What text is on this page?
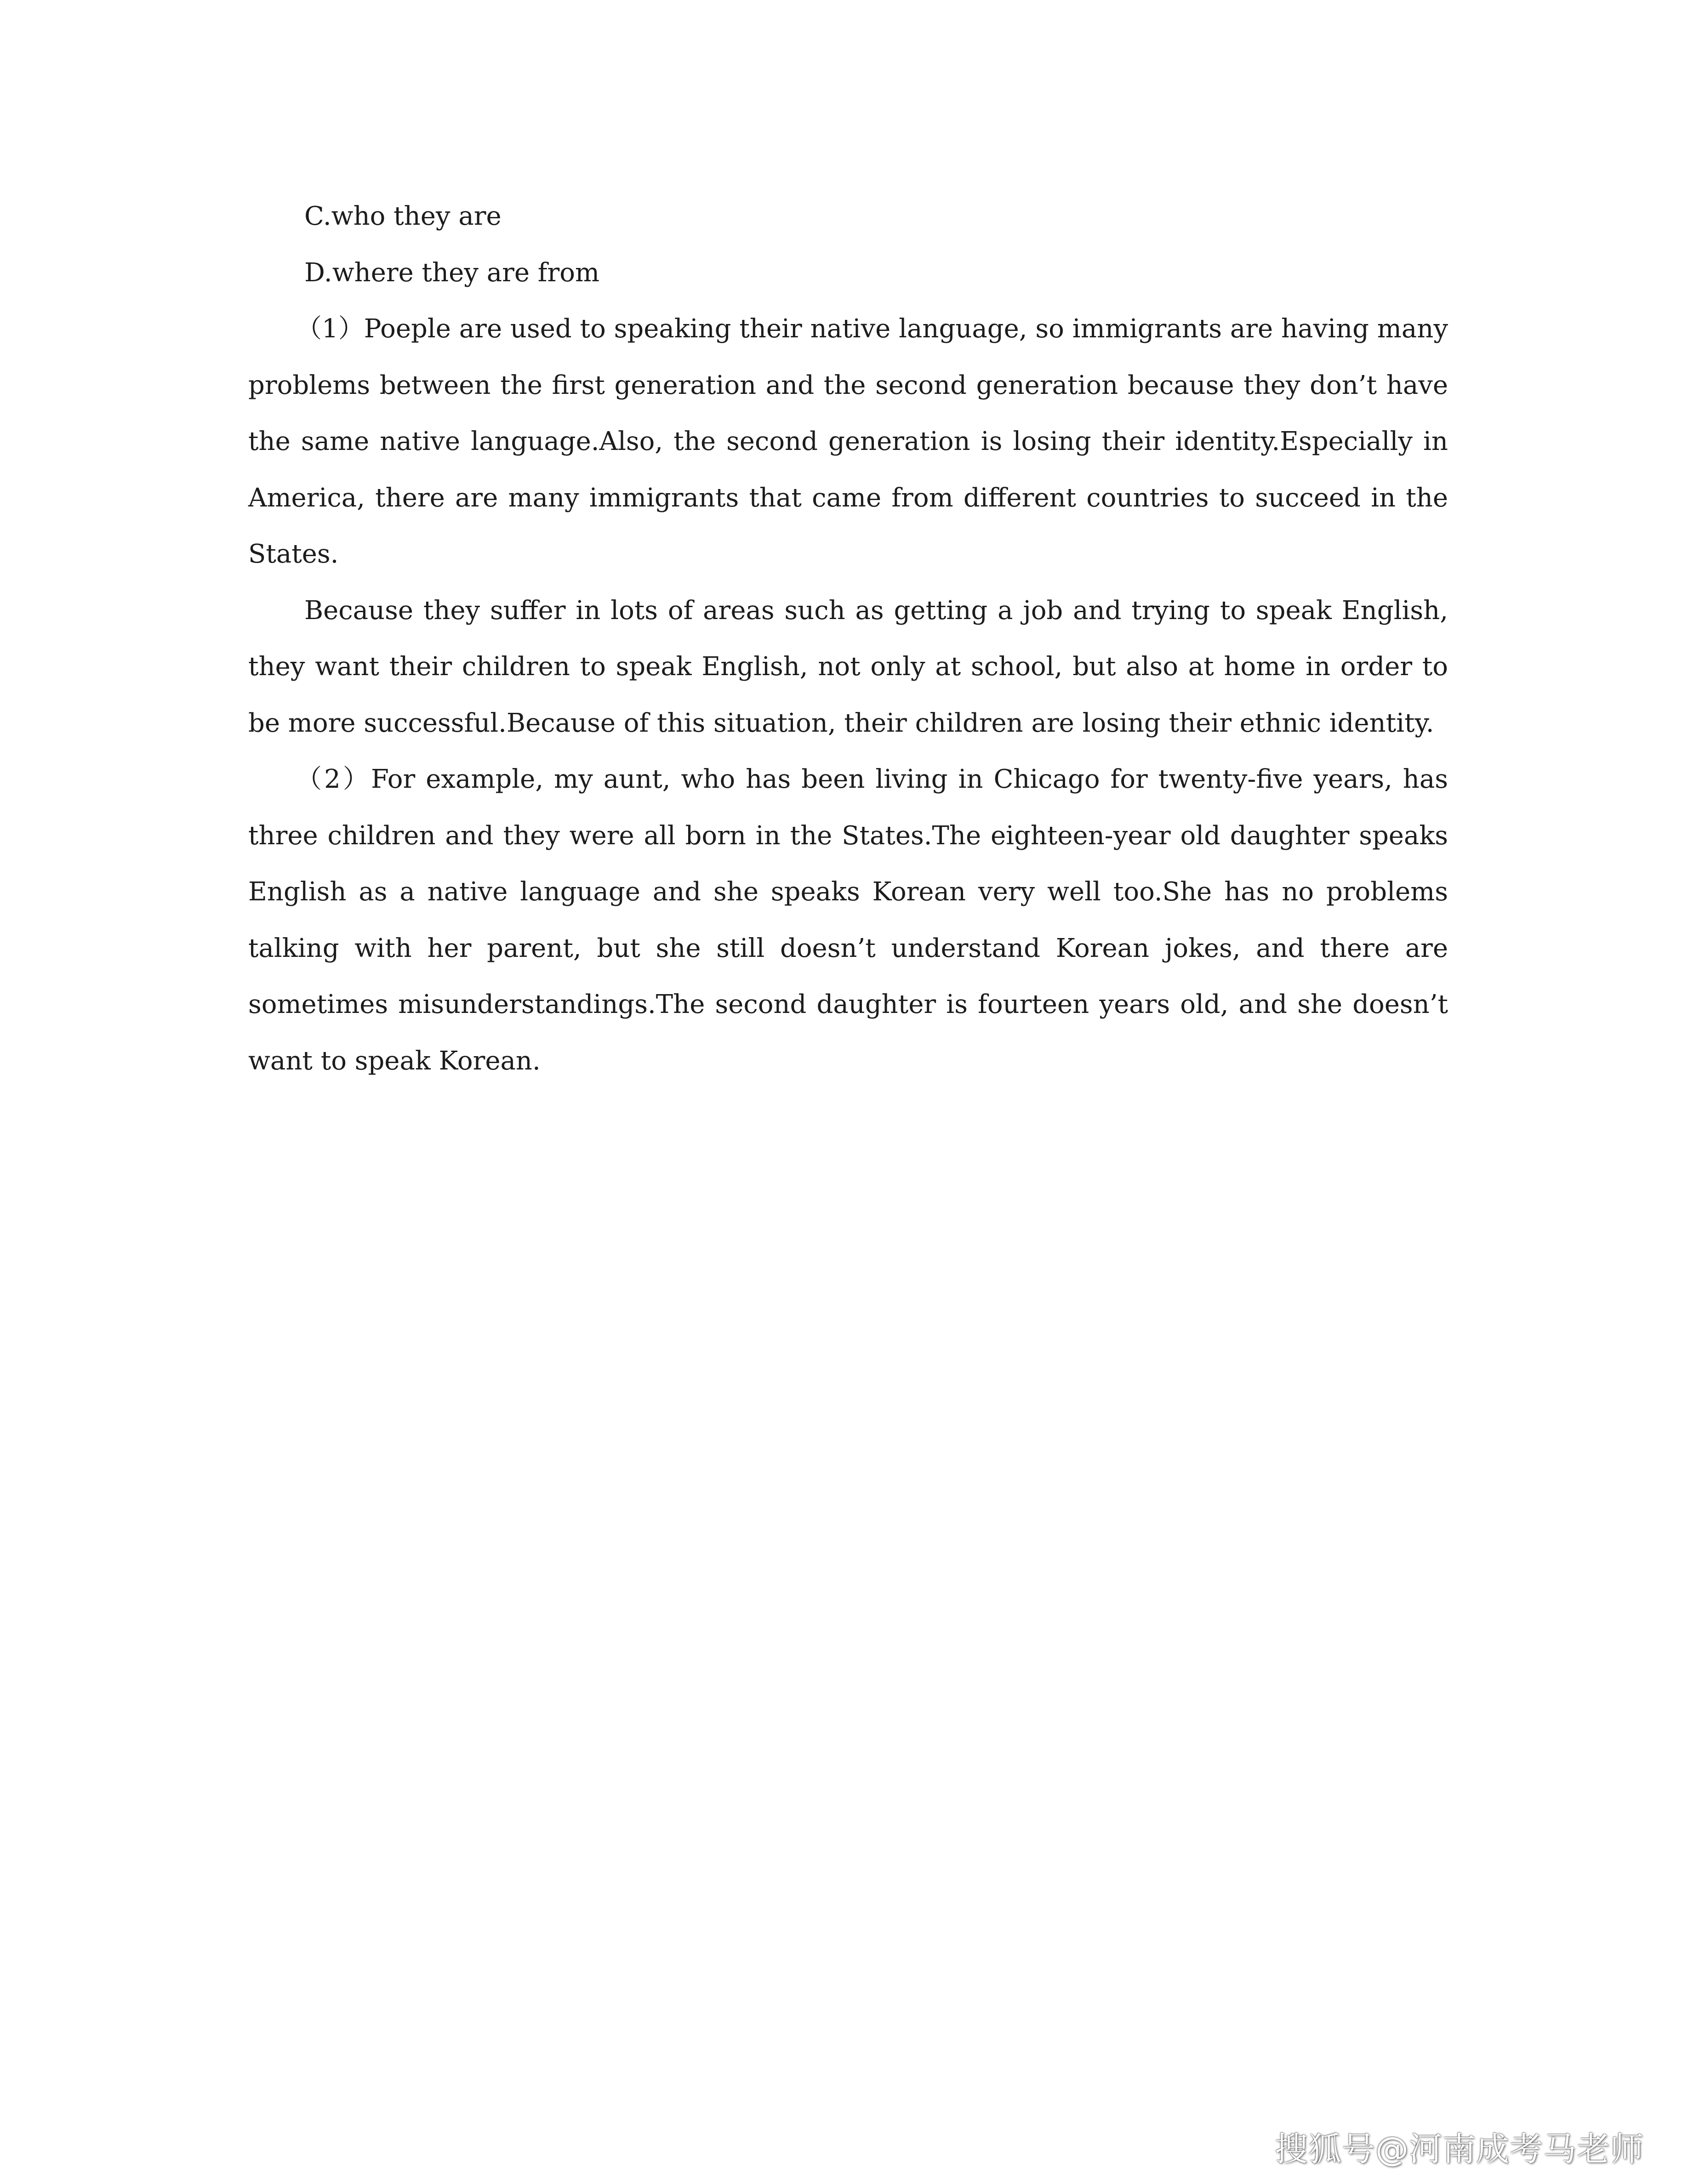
C.who they are

D.where they are from

（1）Poeple are used to speaking their native language, so immigrants are having many problems between the first generation and the second generation because they don’t have the same native language.Also, the second generation is losing their identity.Especially in America, there are many immigrants that came from different countries to succeed in the States.

Because they suffer in lots of areas such as getting a job and trying to speak English, they want their children to speak English, not only at school, but also at home in order to be more successful.Because of this situation, their children are losing their ethnic identity.

（2）For example, my aunt, who has been living in Chicago for twenty-five years, has three children and they were all born in the States.The eighteen-year old daughter speaks English as a native language and she speaks Korean very well too.She has no problems talking with her parent, but she still doesn’t understand Korean jokes, and there are sometimes misunderstandings.The second daughter is fourteen years old, and she doesn’t want to speak Korean.

搜狐号@河南成考马老师
